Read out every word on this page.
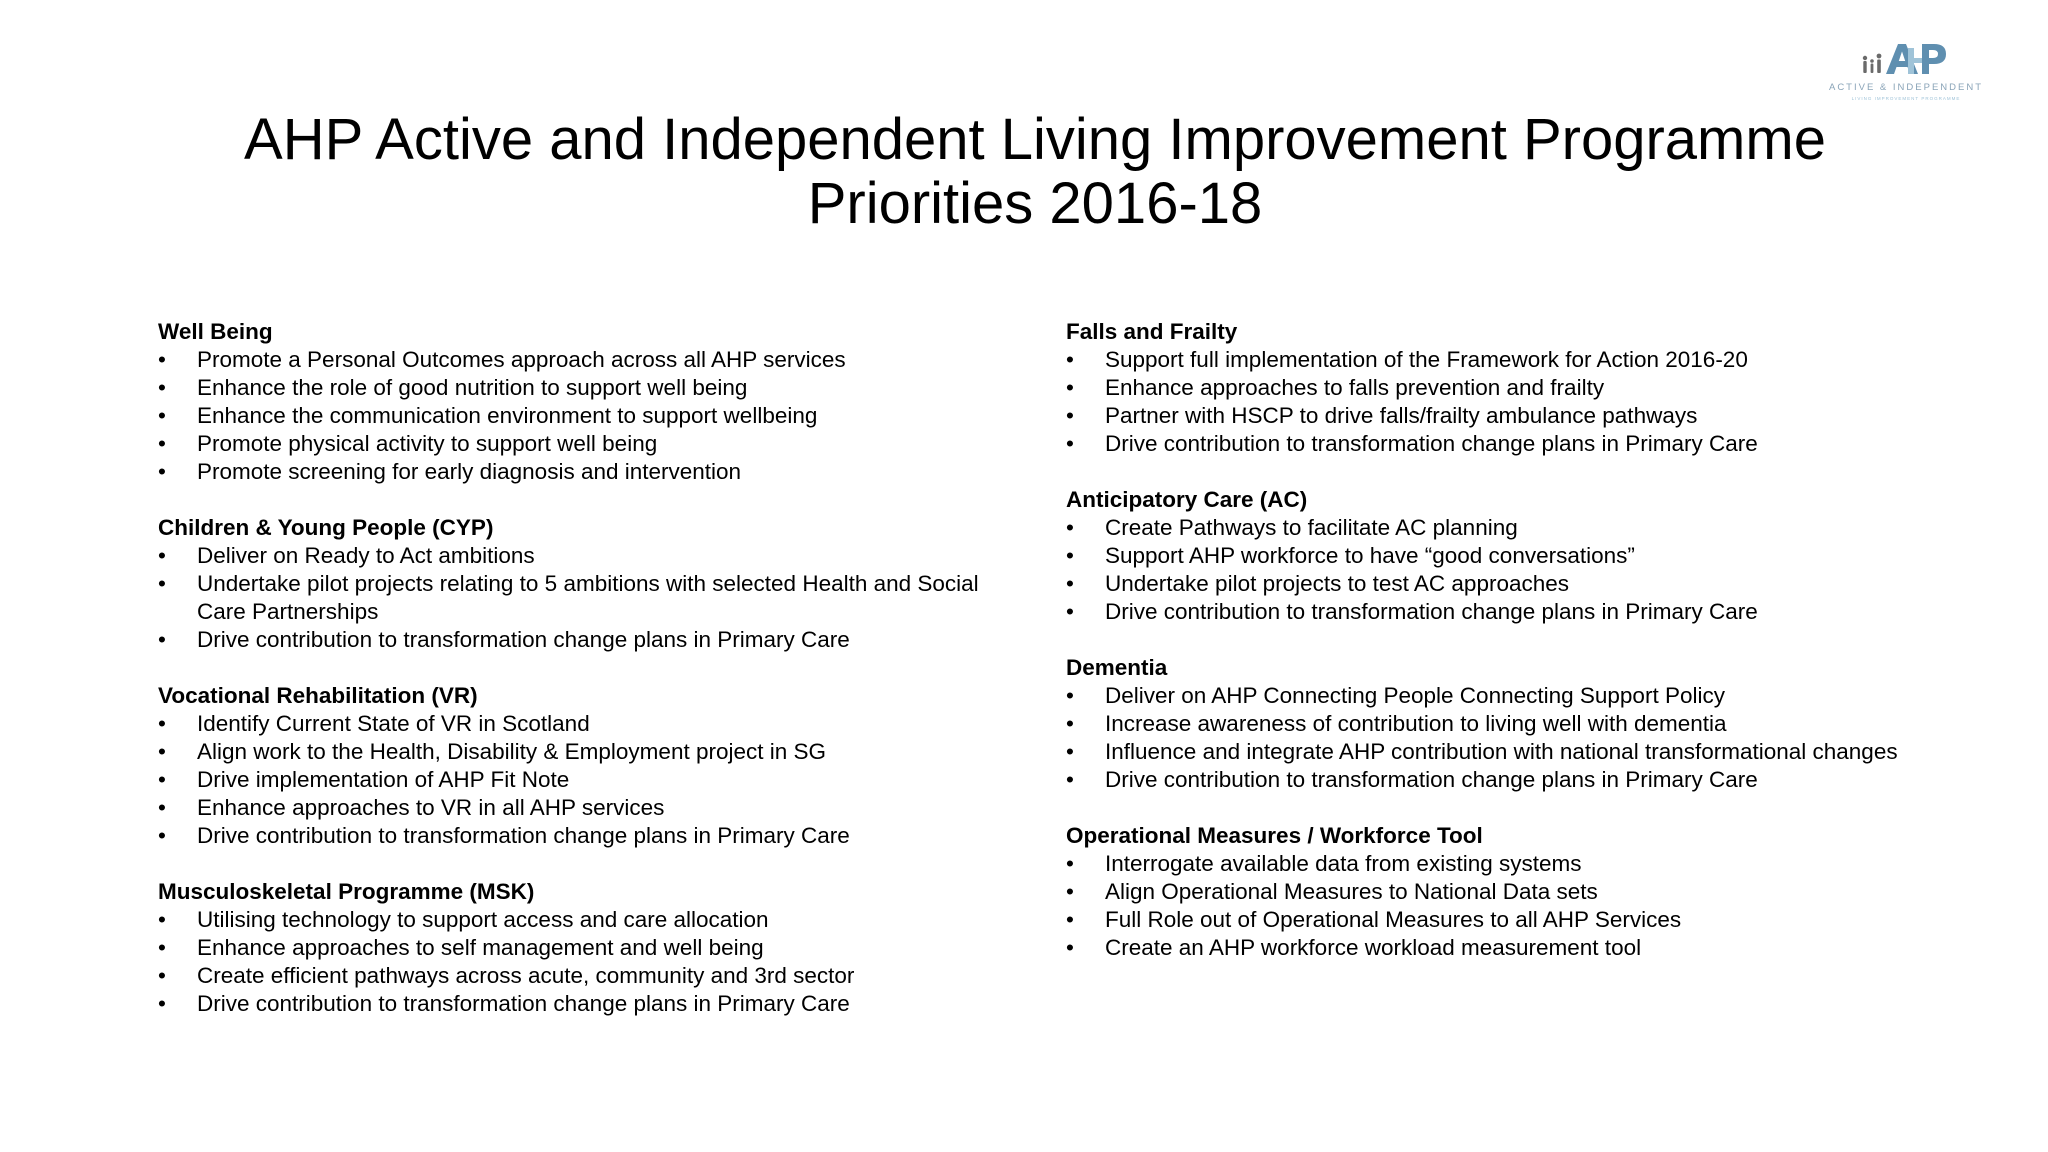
ACTIVE & INDEPENDENT
LIVING IMPROVEMENT PROGRAMME
AHP Active and Independent Living Improvement Programme
Priorities 2016-18
Well Being
• Promote a Personal Outcomes approach across all AHP services
• Enhance the role of good nutrition to support well being
• Enhance the communication environment to support wellbeing
• Promote physical activity to support well being
• Promote screening for early diagnosis and intervention
Children & Young People (CYP)
• Deliver on Ready to Act ambitions
• Undertake pilot projects relating to 5 ambitions with selected Health and Social Care Partnerships
• Drive contribution to transformation change plans in Primary Care
Vocational Rehabilitation (VR)
• Identify Current State of VR in Scotland
• Align work to the Health, Disability & Employment project in SG
• Drive implementation of AHP Fit Note
• Enhance approaches to VR in all AHP services
• Drive contribution to transformation change plans in Primary Care
Musculoskeletal Programme (MSK)
• Utilising technology to support access and care allocation
• Enhance approaches to self management and well being
• Create efficient pathways across acute, community and 3rd sector
• Drive contribution to transformation change plans in Primary Care
Falls and Frailty
• Support full implementation of the Framework for Action 2016-20
• Enhance approaches to falls prevention and frailty
• Partner with HSCP to drive falls/frailty ambulance pathways
• Drive contribution to transformation change plans in Primary Care
Anticipatory Care (AC)
• Create Pathways to facilitate AC planning
• Support AHP workforce to have “good conversations”
• Undertake pilot projects to test AC approaches
• Drive contribution to transformation change plans in Primary Care
Dementia
• Deliver on AHP Connecting People Connecting Support Policy
• Increase awareness of contribution to living well with dementia
• Influence and integrate AHP contribution with national transformational changes
• Drive contribution to transformation change plans in Primary Care
Operational Measures / Workforce Tool
• Interrogate available data from existing systems
• Align Operational Measures to National Data sets
• Full Role out of Operational Measures to all AHP Services
• Create an AHP workforce workload measurement tool
